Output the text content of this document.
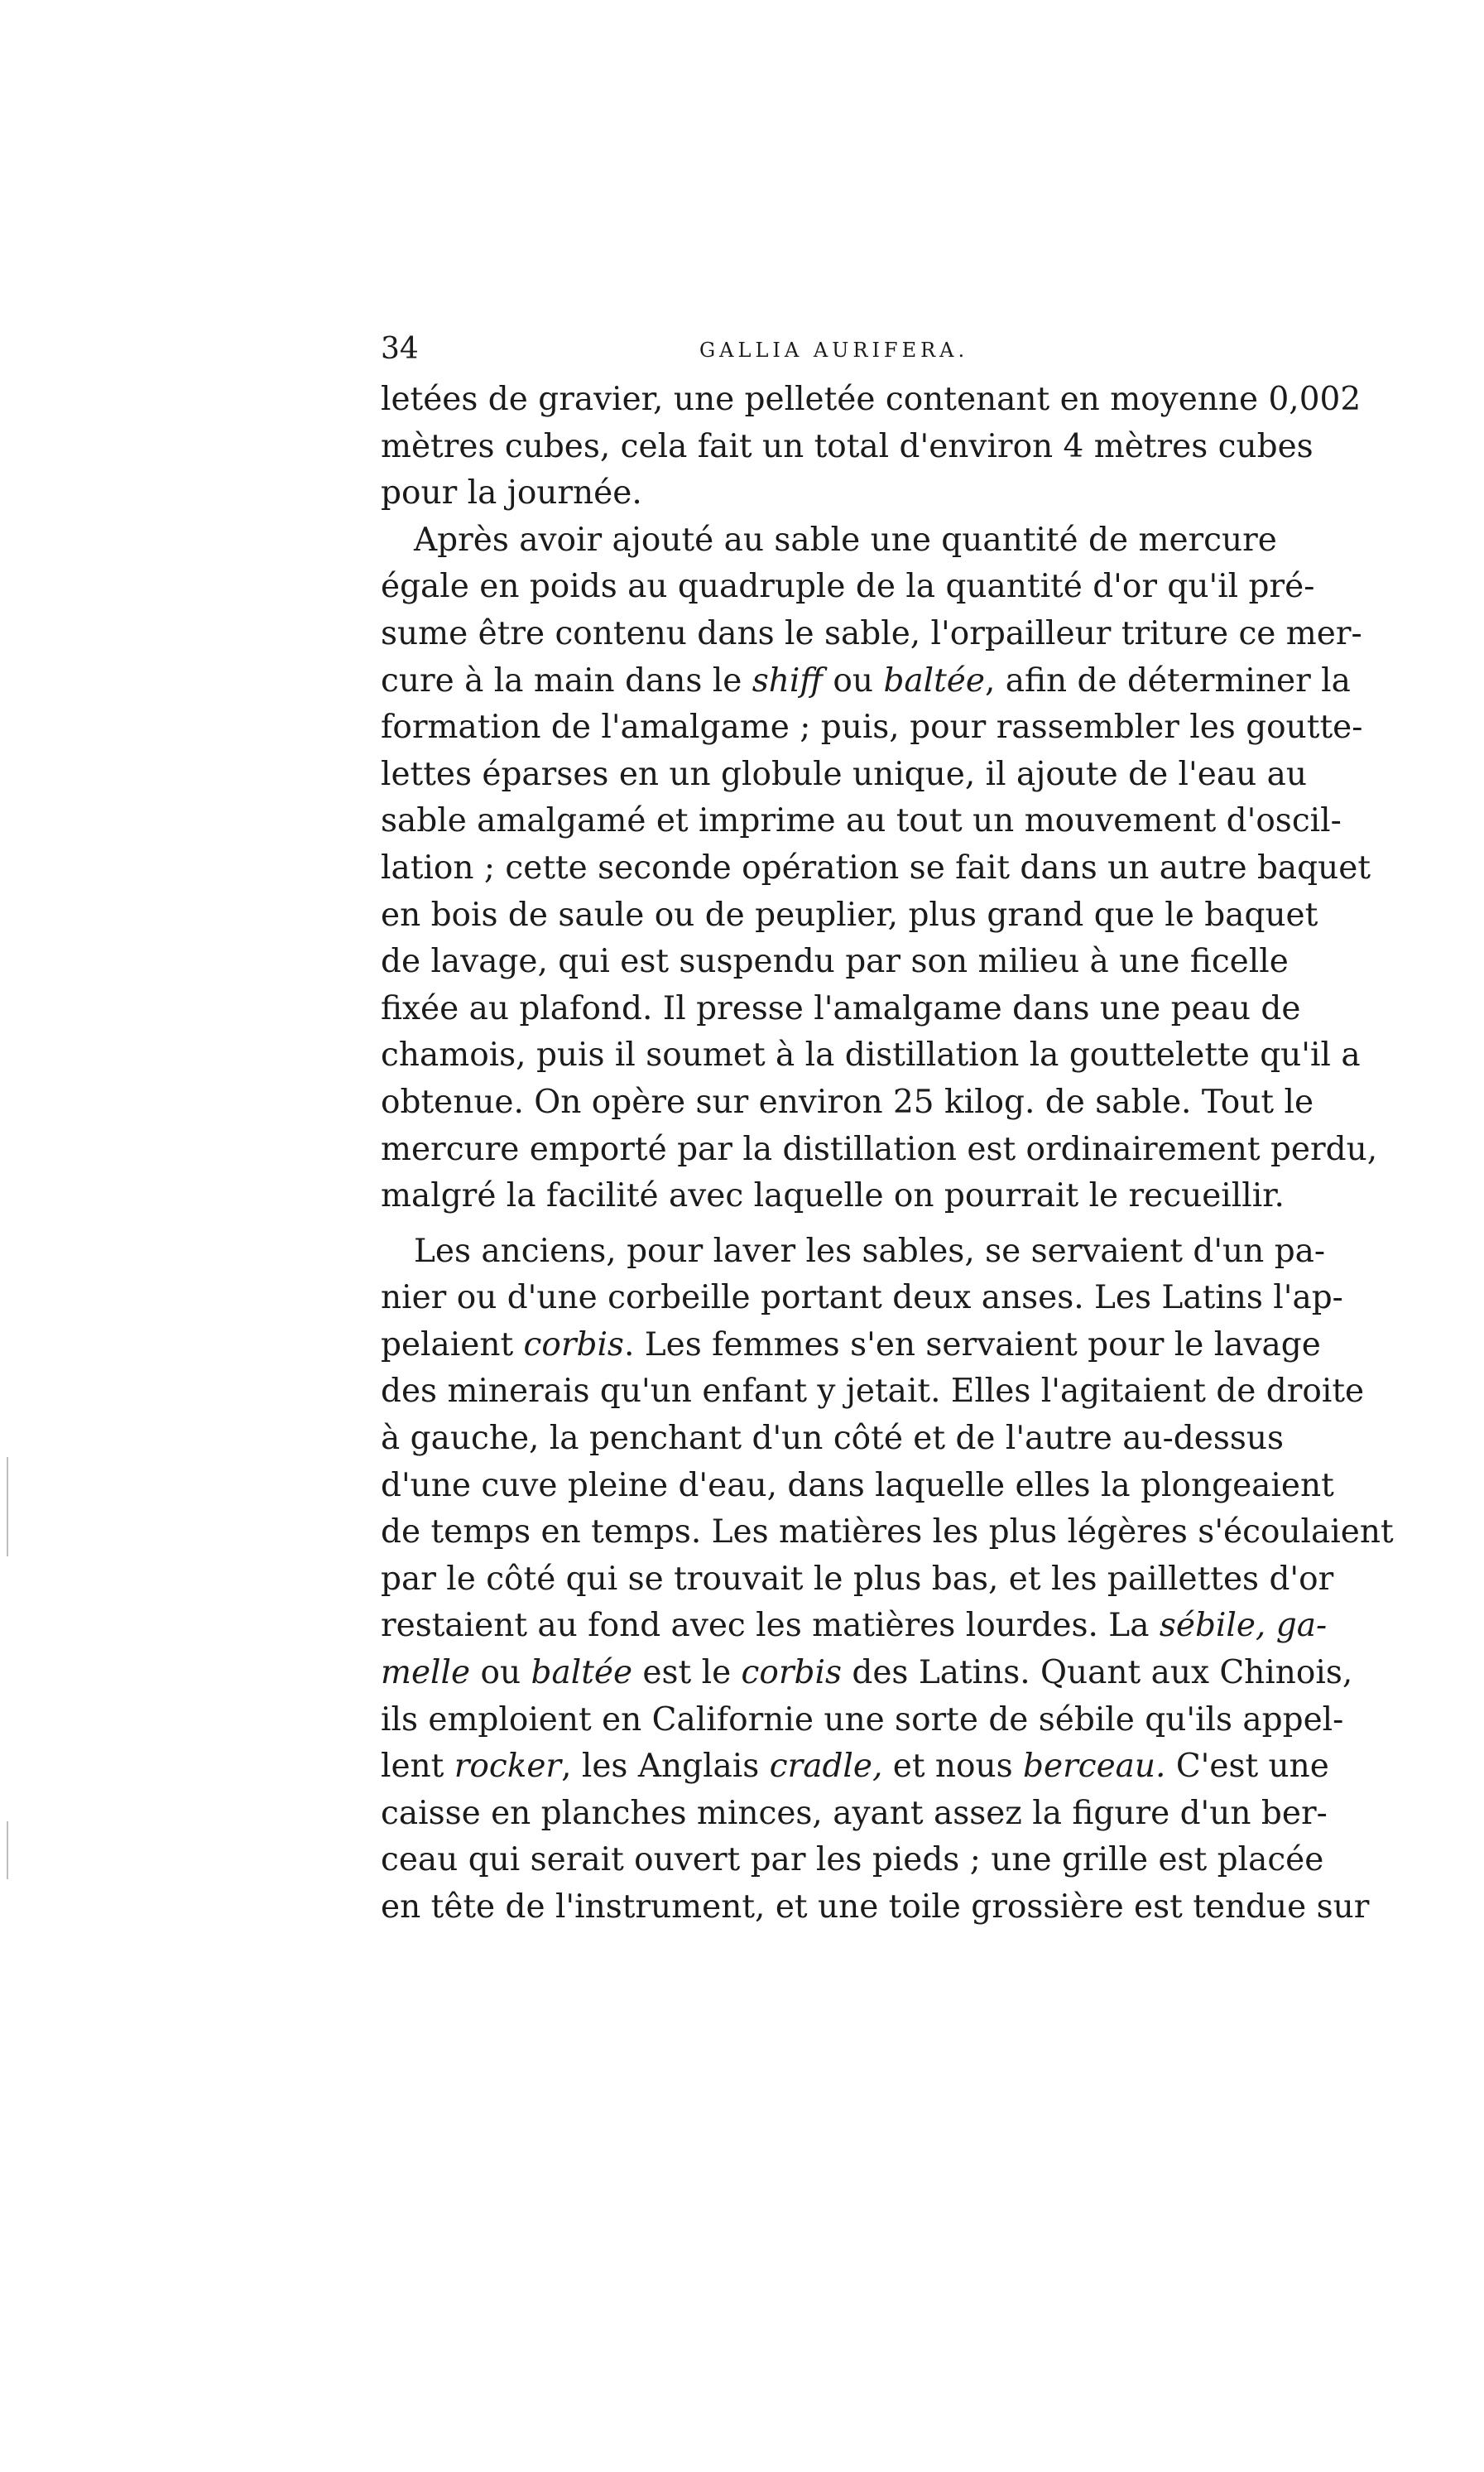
34	GALLIA AURIFERA.
letées de gravier, une pelletée contenant en moyenne 0,002
mètres cubes, cela fait un total d'environ 4 mètres cubes
pour la journée.
Après avoir ajouté au sable une quantité de mercure
égale en poids au quadruple de la quantité d'or qu'il pré-
sume être contenu dans le sable, l'orpailleur triture ce mer-
cure à la main dans le shiff ou baltée, afin de déterminer la
formation de l'amalgame ; puis, pour rassembler les goutte-
lettes éparses en un globule unique, il ajoute de l'eau au
sable amalgamé et imprime au tout un mouvement d'oscil-
lation ; cette seconde opération se fait dans un autre baquet
en bois de saule ou de peuplier, plus grand que le baquet
de lavage, qui est suspendu par son milieu à une ficelle
fixée au plafond. Il presse l'amalgame dans une peau de
chamois, puis il soumet à la distillation la gouttelette qu'il a
obtenue. On opère sur environ 25 kilog. de sable. Tout le
mercure emporté par la distillation est ordinairement perdu,
malgré la facilité avec laquelle on pourrait le recueillir.
Les anciens, pour laver les sables, se servaient d'un pa-
nier ou d'une corbeille portant deux anses. Les Latins l'ap-
pelaient corbis. Les femmes s'en servaient pour le lavage
des minerais qu'un enfant y jetait. Elles l'agitaient de droite
à gauche, la penchant d'un côté et de l'autre au-dessus
d'une cuve pleine d'eau, dans laquelle elles la plongeaient
de temps en temps. Les matières les plus légères s'écoulaient
par le côté qui se trouvait le plus bas, et les paillettes d'or
restaient au fond avec les matières lourdes. La sébile, ga-
melle ou baltée est le corbis des Latins. Quant aux Chinois,
ils emploient en Californie une sorte de sébile qu'ils appel-
lent rocker, les Anglais cradle, et nous berceau. C'est une
caisse en planches minces, ayant assez la figure d'un ber-
ceau qui serait ouvert par les pieds ; une grille est placée
en tête de l'instrument, et une toile grossière est tendue sur
